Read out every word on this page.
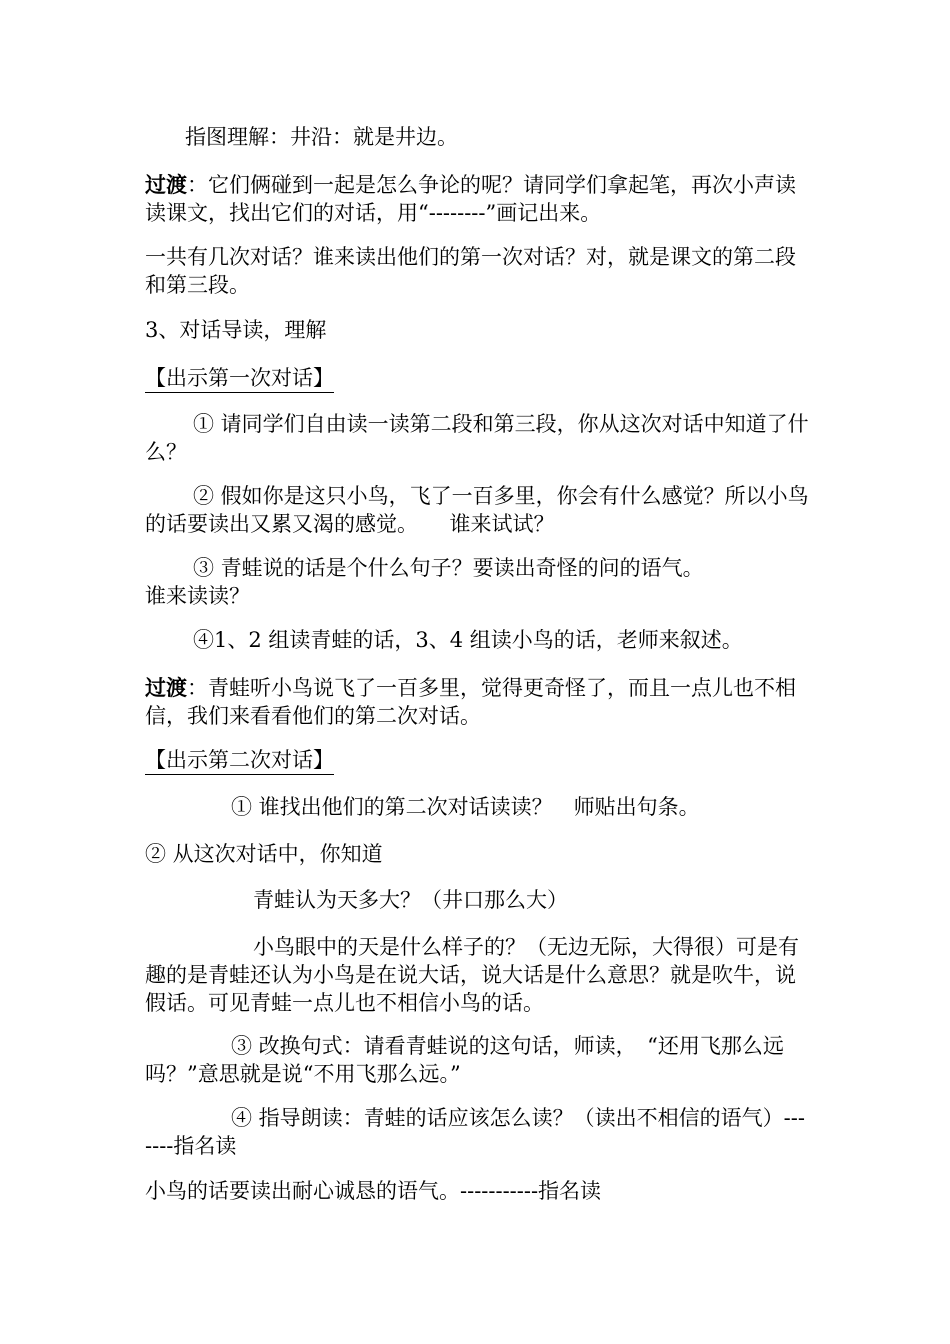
指图理解：井沿：就是井边。

过渡：它们俩碰到一起是怎么争论的呢？请同学们拿起笔，再次小声读读课文，找出它们的对话，用“--------”画记出来。

一共有几次对话？谁来读出他们的第一次对话？对，就是课文的第二段和第三段。

3、对话导读，理解

【出示第一次对话】

① 请同学们自由读一读第二段和第三段，你从这次对话中知道了什么？

② 假如你是这只小鸟，飞了一百多里，你会有什么感觉？所以小鸟的话要读出又累又渴的感觉。　　谁来试试？

③ 青蛙说的话是个什么句子？要读出奇怪的问的语气。
谁来读读？

④1、2 组读青蛙的话，3、4 组读小鸟的话，老师来叙述。

过渡：青蛙听小鸟说飞了一百多里，觉得更奇怪了，而且一点儿也不相信，我们来看看他们的第二次对话。

【出示第二次对话】

① 谁找出他们的第二次对话读读？　师贴出句条。

② 从这次对话中，你知道

青蛙认为天多大？（井口那么大）

小鸟眼中的天是什么样子的？（无边无际，大得很）可是有趣的是青蛙还认为小鸟是在说大话，说大话是什么意思？就是吹牛，说假话。可见青蛙一点儿也不相信小鸟的话。

③ 改换句式：请看青蛙说的这句话，师读，　“还用飞那么远吗？”意思就是说“不用飞那么远。”

④ 指导朗读：青蛙的话应该怎么读？（读出不相信的语气）-------指名读

小鸟的话要读出耐心诚恳的语气。-----------指名读
